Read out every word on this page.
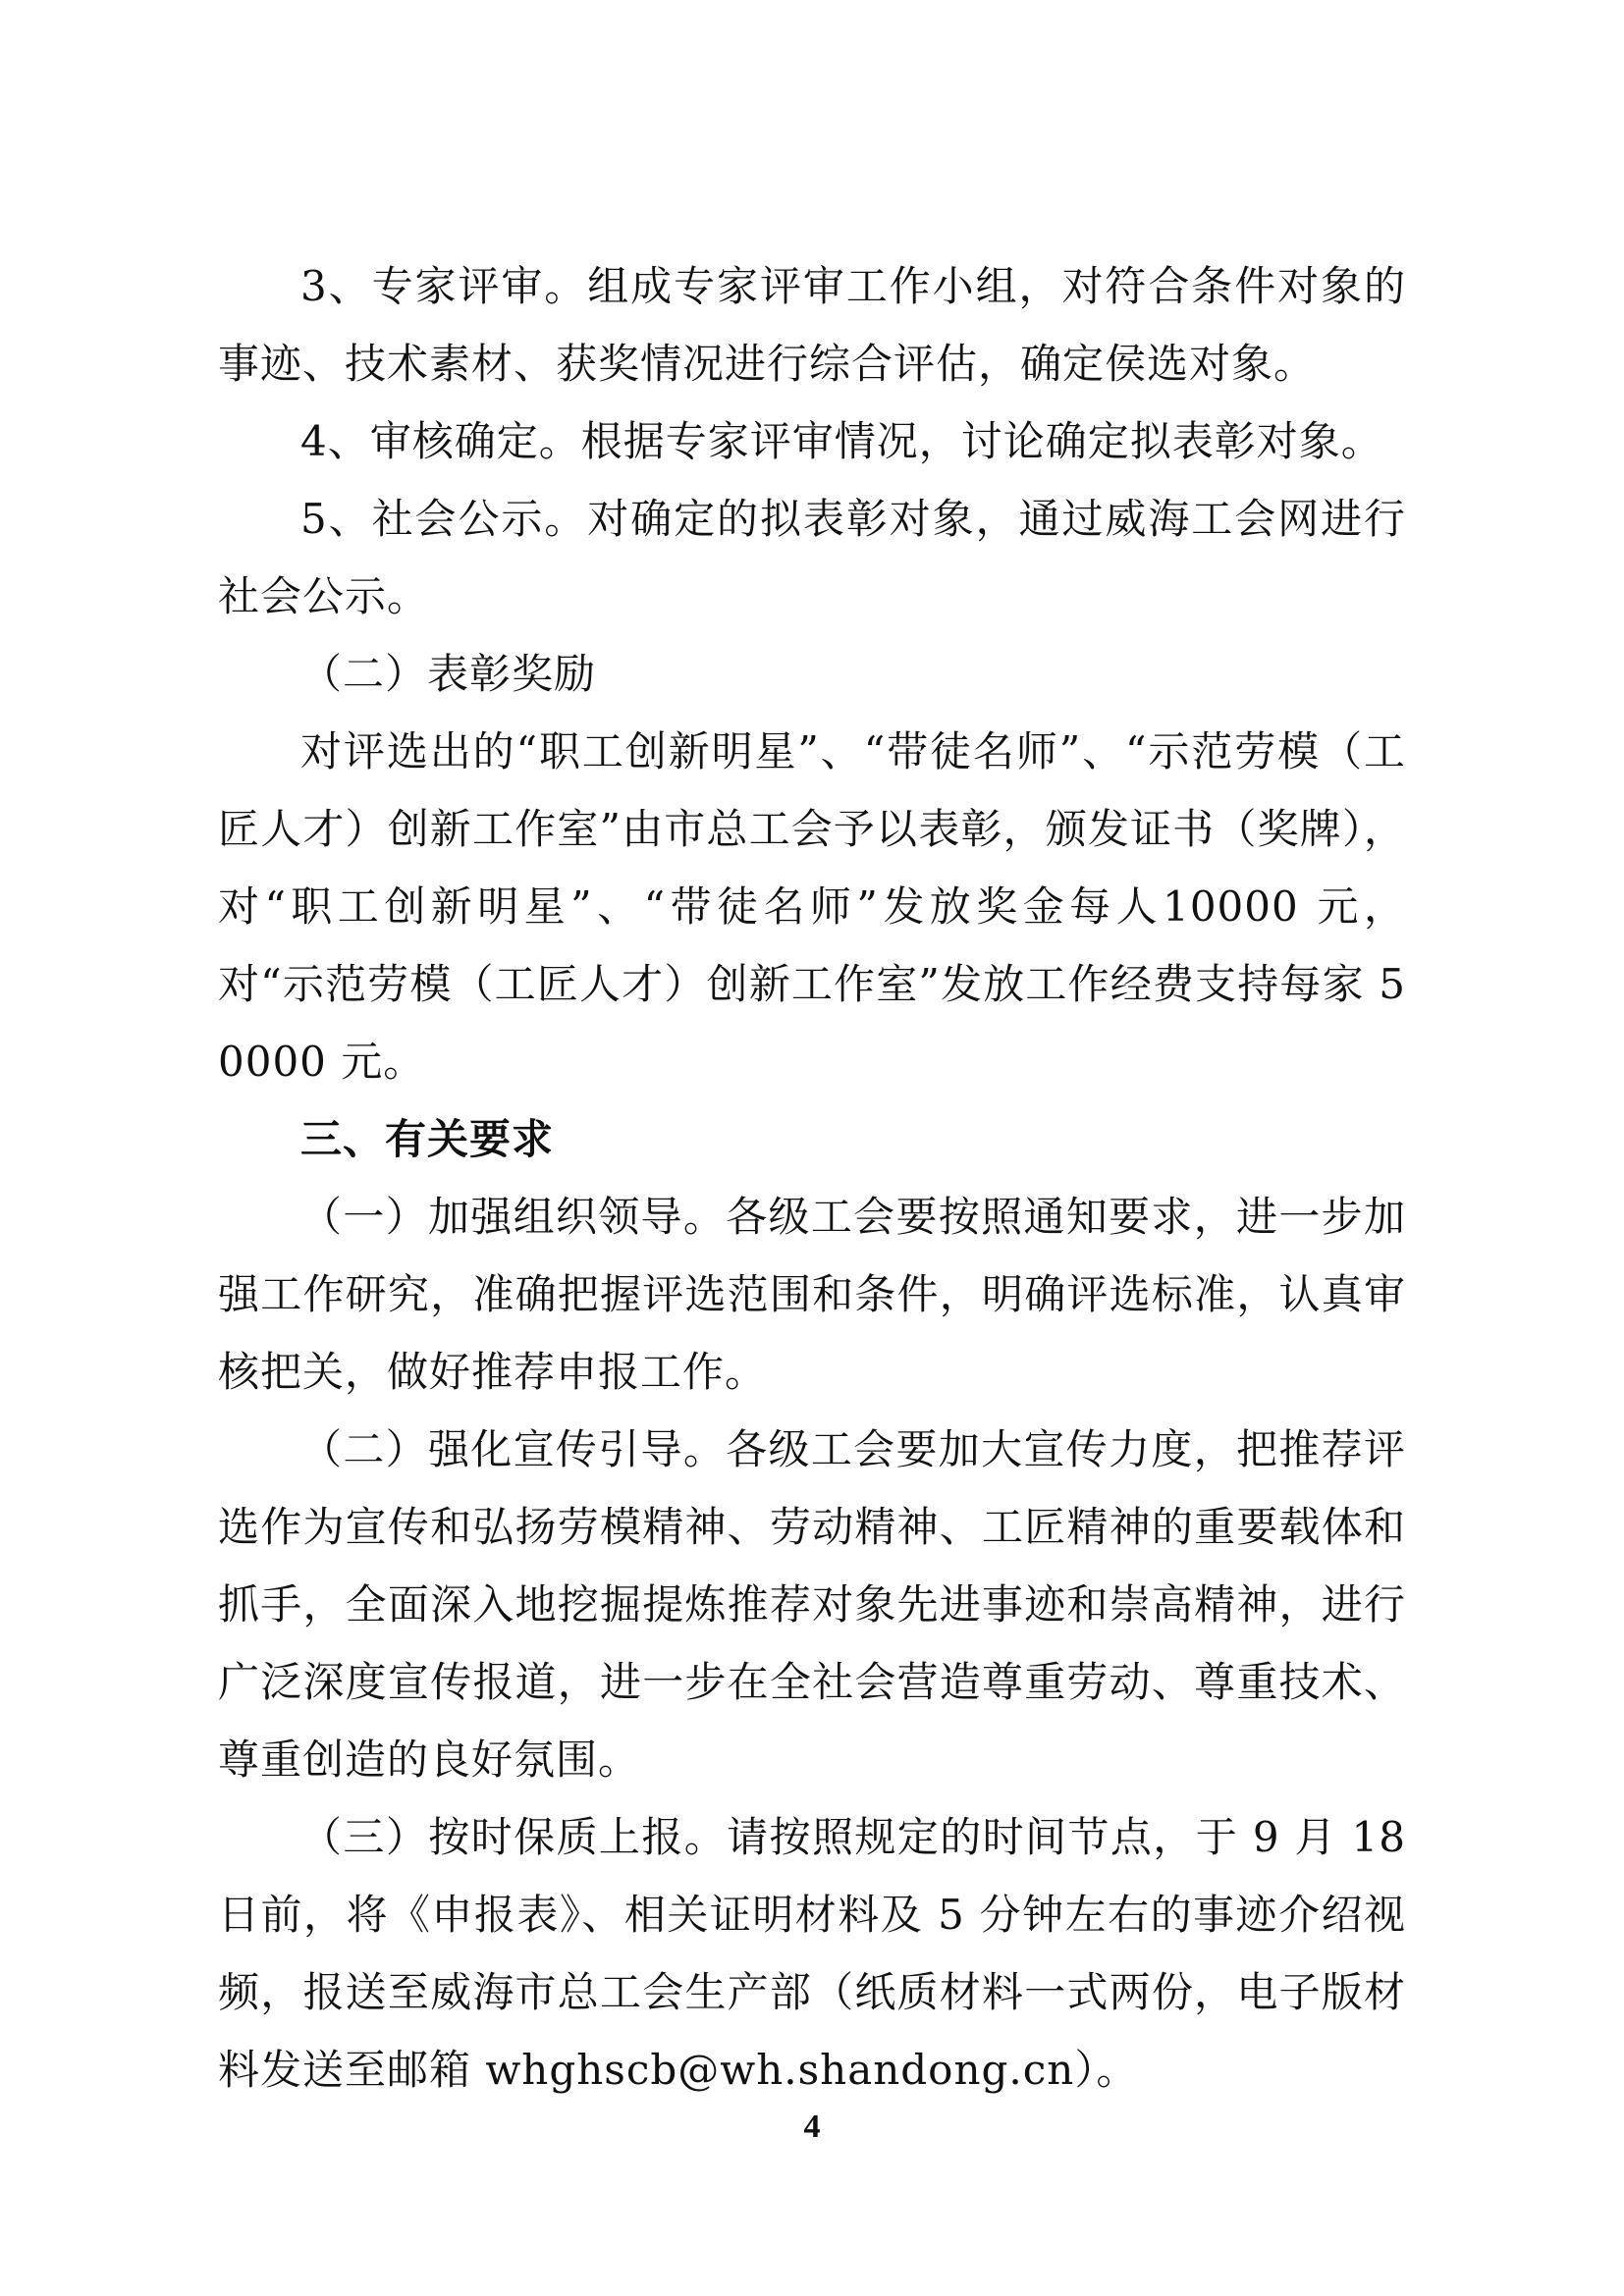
3、专家评审。组成专家评审工作小组，对符合条件对象的事迹、技术素材、获奖情况进行综合评估，确定侯选对象。

4、审核确定。根据专家评审情况，讨论确定拟表彰对象。

5、社会公示。对确定的拟表彰对象，通过威海工会网进行社会公示。

（二）表彰奖励

对评选出的“职工创新明星”、“带徒名师”、“示范劳模（工匠人才）创新工作室”由市总工会予以表彰，颁发证书（奖牌），对“职工创新明星”、“带徒名师”发放奖金每人10000 元，对“示范劳模（工匠人才）创新工作室”发放工作经费支持每家 50000 元。

三、有关要求

（一）加强组织领导。各级工会要按照通知要求，进一步加强工作研究，准确把握评选范围和条件，明确评选标准，认真审核把关，做好推荐申报工作。

（二）强化宣传引导。各级工会要加大宣传力度，把推荐评选作为宣传和弘扬劳模精神、劳动精神、工匠精神的重要载体和抓手，全面深入地挖掘提炼推荐对象先进事迹和崇高精神，进行广泛深度宣传报道，进一步在全社会营造尊重劳动、尊重技术、尊重创造的良好氛围。

（三）按时保质上报。请按照规定的时间节点，于 9 月 18日前，将《申报表》、相关证明材料及 5 分钟左右的事迹介绍视频，报送至威海市总工会生产部（纸质材料一式两份，电子版材料发送至邮箱 whghscb@wh.shandong.cn）。

4
